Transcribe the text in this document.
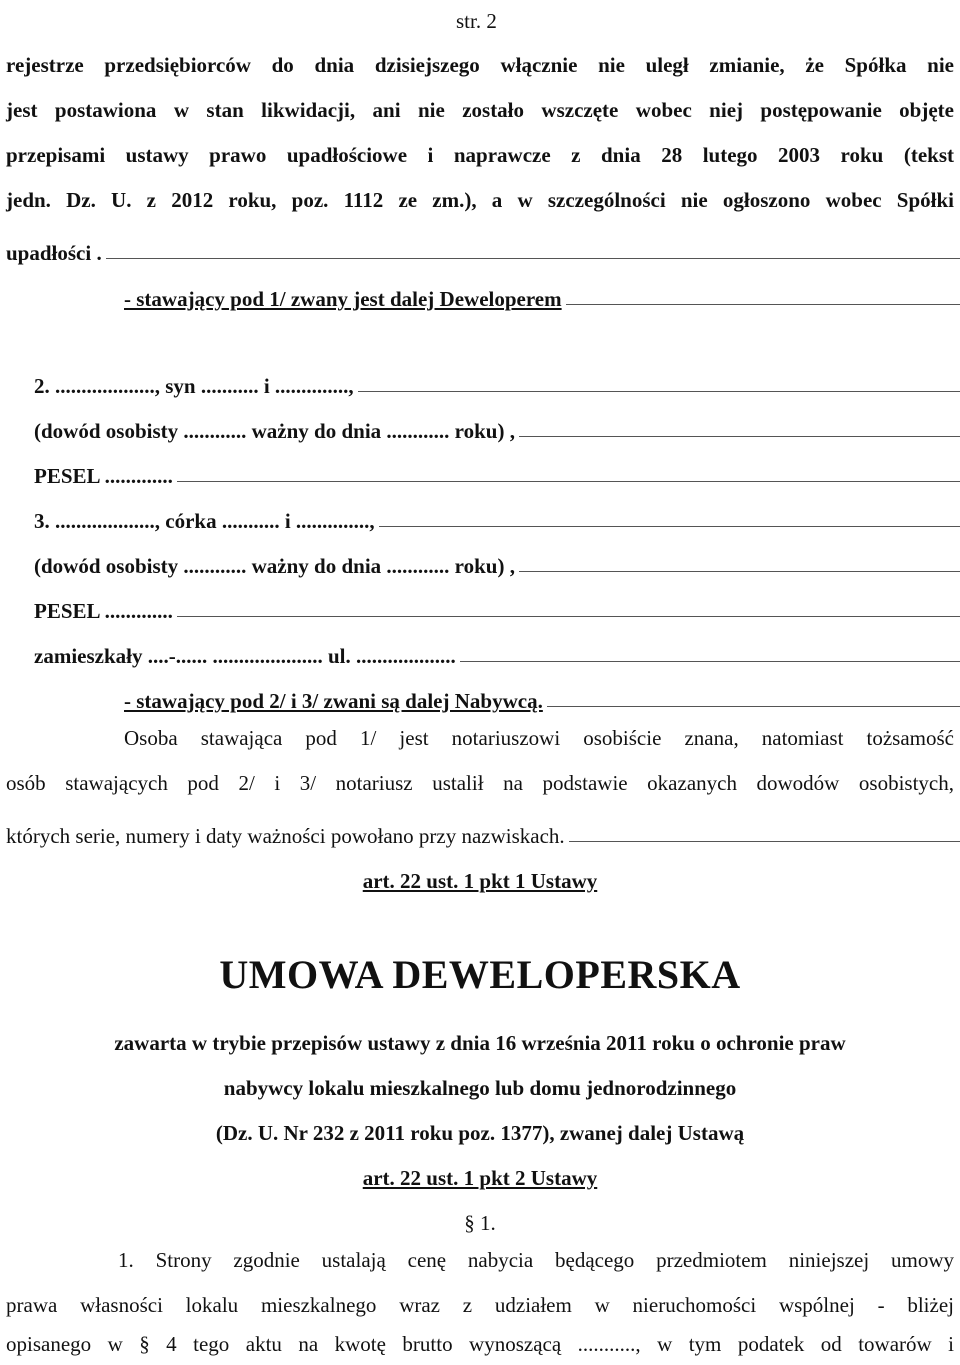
str. 2
rejestrze przedsiębiorców do dnia dzisiejszego włącznie nie uległ zmianie, że Spółka nie
jest postawiona w stan likwidacji, ani nie zostało wszczęte wobec niej postępowanie objęte
przepisami ustawy prawo upadłościowe i naprawcze z dnia 28 lutego 2003 roku (tekst
jedn. Dz. U. z 2012 roku, poz. 1112 ze zm.), a w szczególności nie ogłoszono wobec Spółki
upadłości .
- stawający pod 1/ zwany jest dalej Deweloperem
2. ..................., syn ........... i ..............,
(dowód osobisty ............ ważny do dnia ............ roku) ,
PESEL .............
3. ..................., córka ........... i ..............,
(dowód osobisty ............ ważny do dnia ............ roku) ,
PESEL .............
zamieszkały ....-...... ..................... ul. ...................
- stawający pod 2/ i 3/ zwani są dalej Nabywcą.
Osoba stawająca pod 1/ jest notariuszowi osobiście znana, natomiast tożsamość
osób stawających pod 2/ i 3/ notariusz ustalił na podstawie okazanych dowodów osobistych,
których serie, numery i daty ważności powołano przy nazwiskach.
art. 22 ust. 1 pkt 1 Ustawy
UMOWA DEWELOPERSKA
zawarta w trybie przepisów ustawy z dnia 16 września 2011 roku o ochronie praw
nabywcy lokalu mieszkalnego lub domu jednorodzinnego
(Dz. U. Nr 232 z 2011 roku poz. 1377), zwanej dalej Ustawą
art. 22 ust. 1 pkt 2 Ustawy
§ 1.
1. Strony zgodnie ustalają cenę nabycia będącego przedmiotem niniejszej umowy
prawa własności lokalu mieszkalnego wraz z udziałem w nieruchomości wspólnej - bliżej
opisanego w § 4 tego aktu na kwotę brutto wynoszącą ..........., w tym podatek od towarów i
